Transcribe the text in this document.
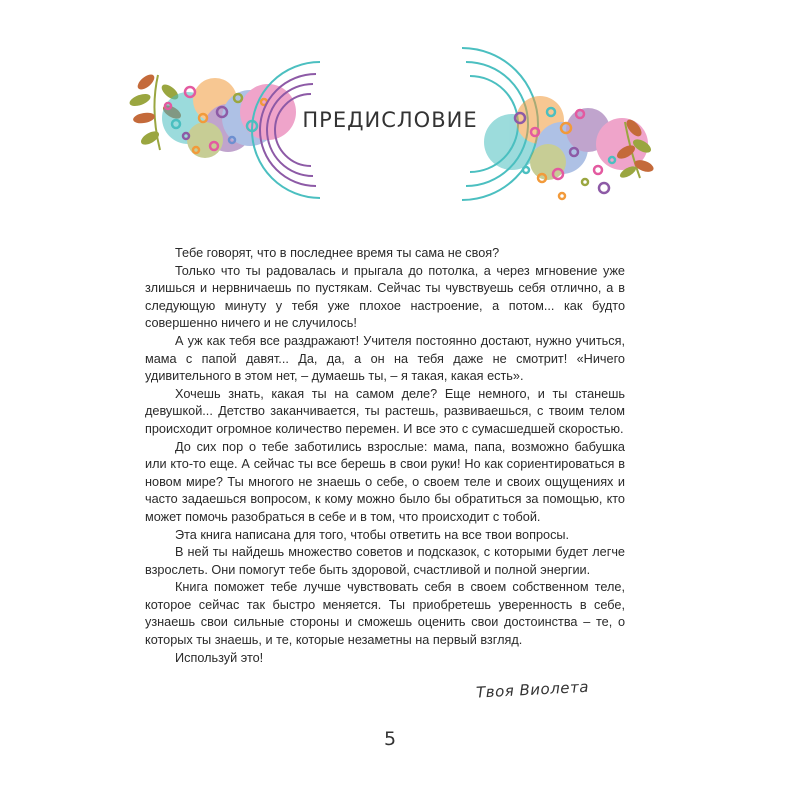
ПРЕДИСЛОВИЕ

Тебе говорят, что в последнее время ты сама не своя?

Только что ты радовалась и прыгала до потолка, а через мгновение уже злишься и нервничаешь по пустякам. Сейчас ты чувствуешь себя отлично, а в следующую минуту у тебя уже плохое настроение, а потом... как будто совершенно ничего и не случилось!

А уж как тебя все раздражают! Учителя постоянно достают, нужно учиться, мама с папой давят... Да, да, а он на тебя даже не смотрит! «Ничего удивительного в этом нет, – думаешь ты, – я такая, какая есть».

Хочешь знать, какая ты на самом деле? Еще немного, и ты станешь девушкой... Детство заканчивается, ты растешь, развиваешься, с твоим телом происходит огромное количество перемен. И все это с сумасшедшей скоростью.

До сих пор о тебе заботились взрослые: мама, папа, возможно бабушка или кто-то еще. А сейчас ты все берешь в свои руки! Но как сориентироваться в новом мире? Ты многого не знаешь о себе, о своем теле и своих ощущениях и часто задаешься вопросом, к кому можно было бы обратиться за помощью, кто может помочь разобраться в себе и в том, что происходит с тобой.

Эта книга написана для того, чтобы ответить на все твои вопросы.

В ней ты найдешь множество советов и подсказок, с которыми будет легче взрослеть. Они помогут тебе быть здоровой, счастливой и полной энергии.

Книга поможет тебе лучше чувствовать себя в своем собственном теле, которое сейчас так быстро меняется. Ты приобретешь уверенность в себе, узнаешь свои сильные стороны и сможешь оценить свои достоинства – те, о которых ты знаешь, и те, которые незаметны на первый взгляд.

Используй это!

Твоя Виолета
5
